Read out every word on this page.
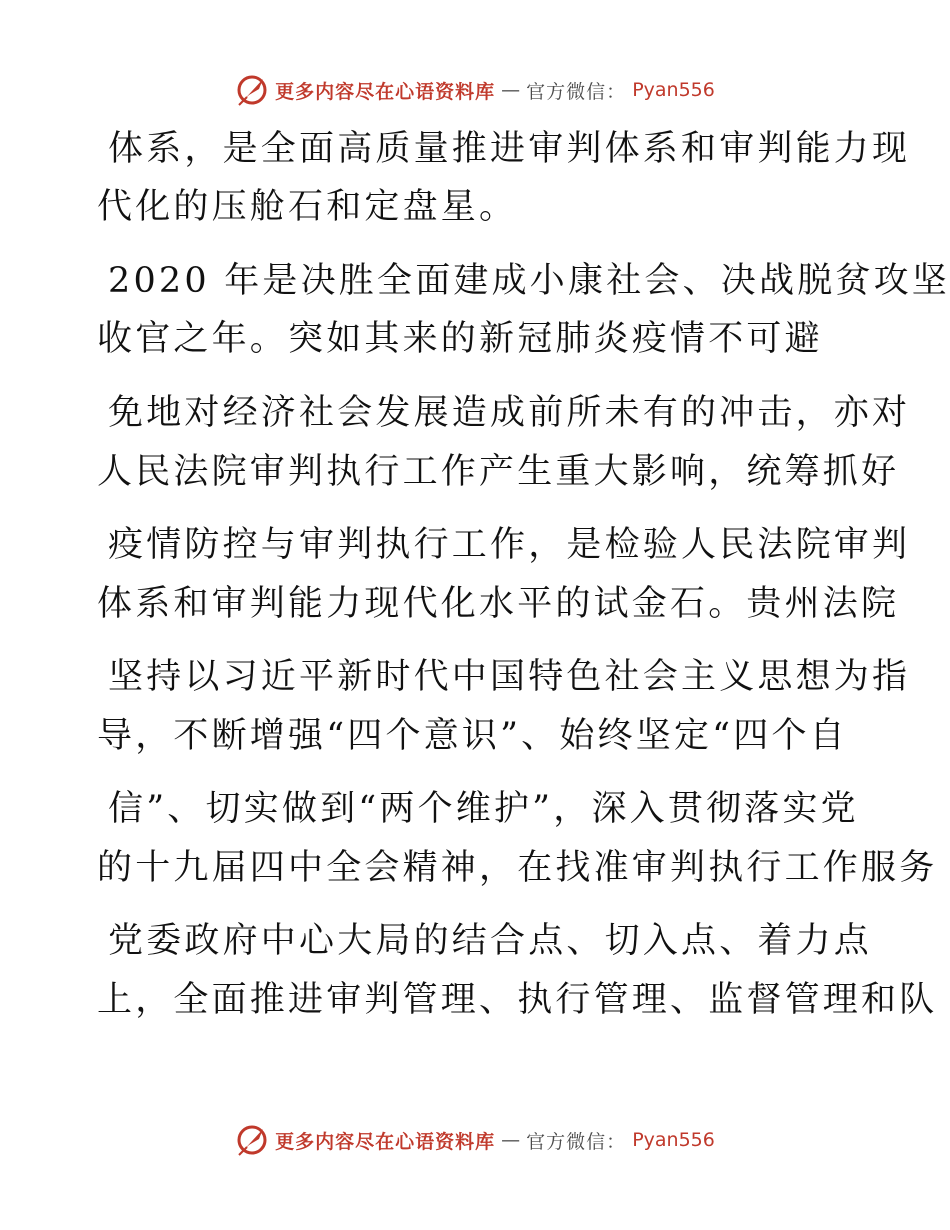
更多内容尽在心语资料库 — 官方微信： Pyan556
体系，是全面高质量推进审判体系和审判能力现
代化的压舱石和定盘星。
2020 年是决胜全面建成小康社会、决战脱贫攻坚
收官之年。突如其来的新冠肺炎疫情不可避
免地对经济社会发展造成前所未有的冲击，亦对
人民法院审判执行工作产生重大影响，统筹抓好
疫情防控与审判执行工作，是检验人民法院审判
体系和审判能力现代化水平的试金石。贵州法院
坚持以习近平新时代中国特色社会主义思想为指
导，不断增强“四个意识”、始终坚定“四个自
信”、切实做到“两个维护”，深入贯彻落实党
的十九届四中全会精神，在找准审判执行工作服务
党委政府中心大局的结合点、切入点、着力点
上，全面推进审判管理、执行管理、监督管理和队
更多内容尽在心语资料库 — 官方微信： Pyan556
